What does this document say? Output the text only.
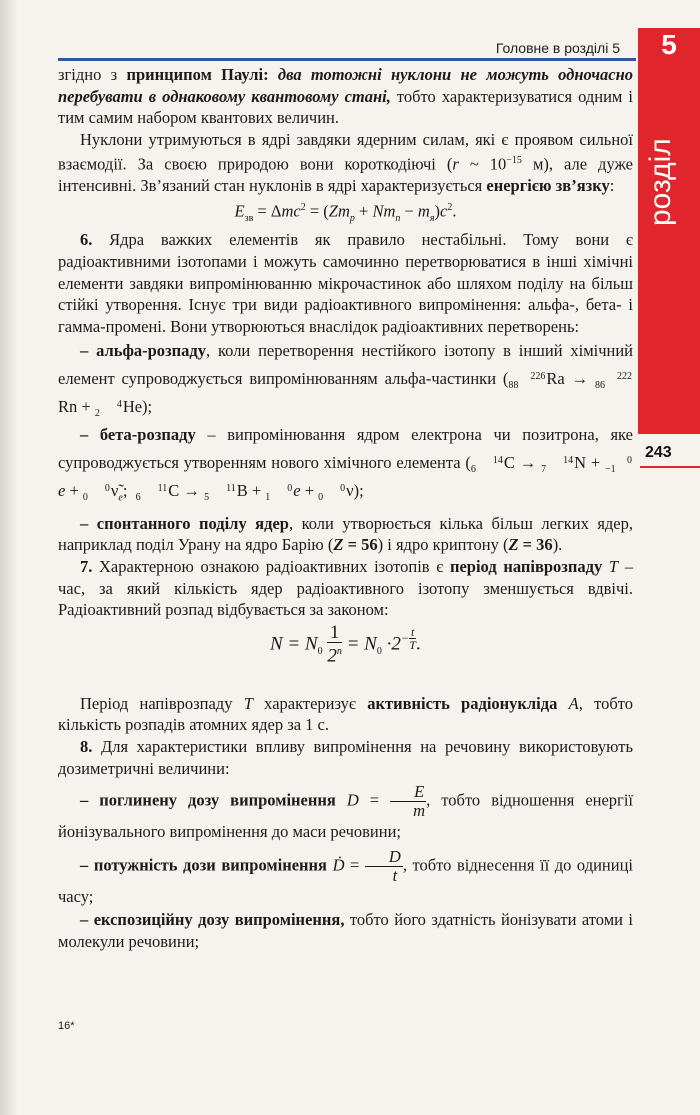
Головне в розділі 5	5
розділ
243

згідно з принципом Паулі: два тотожні нуклони не можуть одночасно перебувати в однаковому квантовому стані, тобто характеризуватися одним і тим самим набором квантових величин.

Нуклони утримуються в ядрі завдяки ядерним силам, які є проявом сильної взаємодії. За своєю природою вони короткодіючі (r ~ $10^{-15}$ м), але дуже інтенсивні. Зв’язаний стан нуклонів в ядрі характеризується енергією зв’язку:

$E_{зв} = \Delta mc^2 = (Zm_p + Nm_n - m_я)c^2$.

6. Ядра важких елементів як правило нестабільні. Тому вони є радіоактивними ізотопами і можуть самочинно перетворюватися в інші хімічні елементи завдяки випромінюванню мікрочастинок або шляхом поділу на більш стійкі утворення. Існує три види радіоактивного випромінення: альфа-, бета- і гамма-промені. Вони утворюються внаслідок радіоактивних перетворень:

– альфа-розпаду, коли перетворення нестійкого ізотопу в інший хімічний елемент супроводжується випромінюванням альфа-частинки ( 226
88 Ra → 222
86Rn + 4
2 He);

– бета-розпаду – випромінювання ядром електрона чи позитрона, яке супроводжується утворенням нового хімічного елемента ( 14
6 C → 14
7 N + 0
−1e + 0
0 $\nũ_e$;  11
6 C → 11
5 B + 0
1 e + 0
0 ν);

– спонтанного поділу ядер, коли утворюється кілька більш легких ядер, наприклад поділ Урану на ядро Барію (Z = 56) і ядро криптону (Z = 36).

7. Характерною ознакою радіоактивних ізотопів є період напіврозпаду T – час, за який кількість ядер радіоактивного ізотопу зменшується вдвічі. Радіоактивний розпад відбувається за законом:

$N = N_0 \frac{1}{2^n} = N_0 \cdot 2^{- \frac{t}{T}}$ .

Період напіврозпаду T характеризує активність радіонукліда A, тобто кількість розпадів атомних ядер за 1 с.

8. Для характеристики впливу випромінення на речовину використовують дозиметричні величини:

– поглинену дозу випромінення $D = \frac{E}{m}$ , тобто відношення енергії йонізувального випромінення до маси речовини;

– потужність дози випромінення Ḋ = $\frac{D}{t}$ , тобто віднесення її до одиниці часу;

– експозиційну дозу випромінення, тобто його здатність йонізувати атоми і молекули речовини;

16*
